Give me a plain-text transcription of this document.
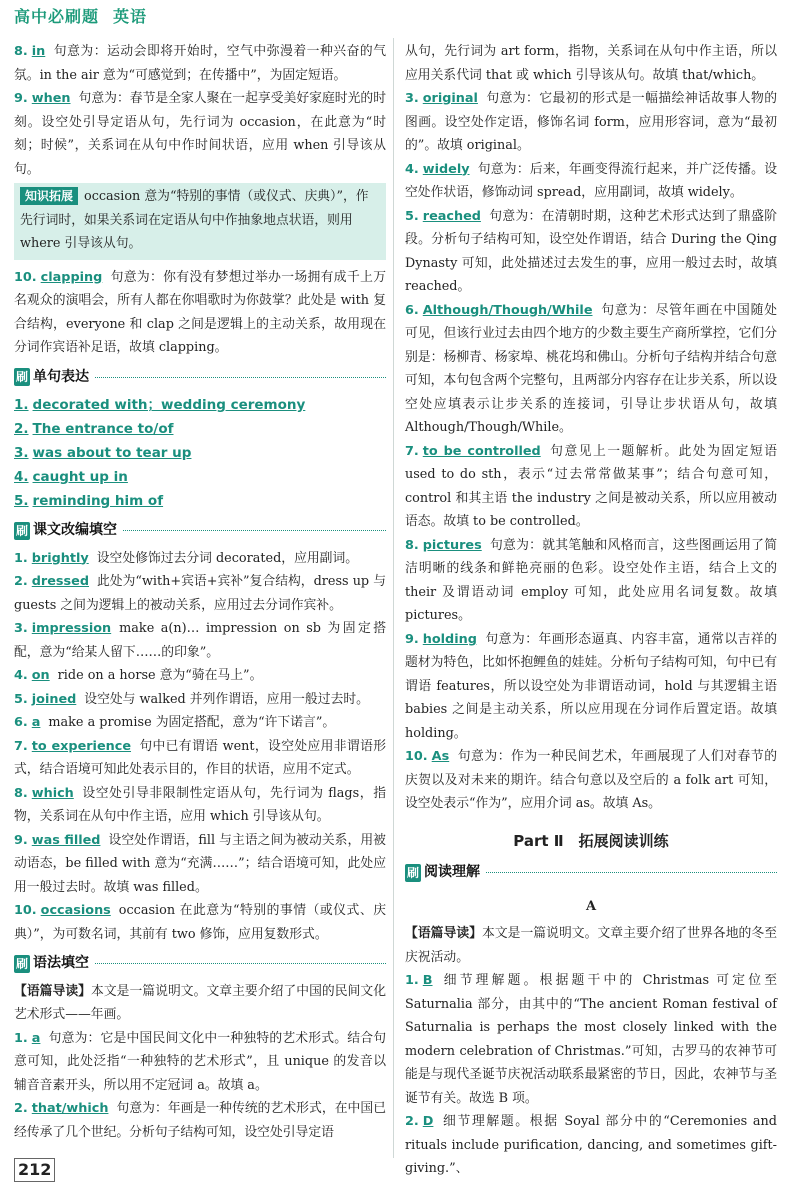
高中必刷题 英语
8. in 句意为：运动会即将开始时，空气中弥漫着一种兴奋的气氛。in the air 意为“可感觉到；在传播中”，为固定短语。
9. when 句意为：春节是全家人聚在一起享受美好家庭时光的时刻。设空处引导定语从句，先行词为 occasion，在此意为“时刻；时候”，关系词在从句中作时间状语，应用 when 引导该从句。
知识拓展 occasion 意为“特别的事情（或仪式、庆典）”，作先行词时，如果关系词在定语从句中作抽象地点状语，则用 where 引导该从句。
10. clapping 句意为：你有没有梦想过举办一场拥有成千上万名观众的演唱会，所有人都在你唱歌时为你鼓掌？此处是 with 复合结构，everyone 和 clap 之间是逻辑上的主动关系，故用现在分词作宾语补足语，故填 clapping。
刷 单句表达
1. decorated with；wedding ceremony
2. The entrance to/of
3. was about to tear up
4. caught up in
5. reminding him of
刷 课文改编填空
1. brightly 设空处修饰过去分词 decorated，应用副词。
2. dressed 此处为“with+宾语+宾补”复合结构，dress up 与 guests 之间为逻辑上的被动关系，应用过去分词作宾补。
3. impression make a(n)… impression on sb 为固定搭配，意为“给某人留下……的印象”。
4. on ride on a horse 意为“骑在马上”。
5. joined 设空处与 walked 并列作谓语，应用一般过去时。
6. a make a promise 为固定搭配，意为“许下诺言”。
7. to experience 句中已有谓语 went，设空处应用非谓语形式，结合语境可知此处表示目的，作目的状语，应用不定式。
8. which 设空处引导非限制性定语从句，先行词为 flags，指物，关系词在从句中作主语，应用 which 引导该从句。
9. was filled 设空处作谓语，fill 与主语之间为被动关系，用被动语态，be filled with 意为“充满……”；结合语境可知，此处应用一般过去时。故填 was filled。
10. occasions occasion 在此意为“特别的事情（或仪式、庆典）”，为可数名词，其前有 two 修饰，应用复数形式。
刷 语法填空
【语篇导读】本文是一篇说明文。文章主要介绍了中国的民间文化艺术形式——年画。
1. a 句意为：它是中国民间文化中一种独特的艺术形式。结合句意可知，此处泛指“一种独特的艺术形式”，且 unique 的发音以辅音音素开头，所以用不定冠词 a。故填 a。
2. that/which 句意为：年画是一种传统的艺术形式，在中国已经传承了几个世纪。分析句子结构可知，设空处引导定语
从句，先行词为 art form，指物，关系词在从句中作主语，所以应用关系代词 that 或 which 引导该从句。故填 that/which。
3. original 句意为：它最初的形式是一幅描绘神话故事人物的图画。设空处作定语，修饰名词 form，应用形容词，意为“最初的”。故填 original。
4. widely 句意为：后来，年画变得流行起来，并广泛传播。设空处作状语，修饰动词 spread，应用副词，故填 widely。
5. reached 句意为：在清朝时期，这种艺术形式达到了鼎盛阶段。分析句子结构可知，设空处作谓语，结合 During the Qing Dynasty 可知，此处描述过去发生的事，应用一般过去时，故填 reached。
6. Although/Though/While 句意为：尽管年画在中国随处可见，但该行业过去由四个地方的少数主要生产商所掌控，它们分别是：杨柳青、杨家埠、桃花坞和佛山。分析句子结构并结合句意可知，本句包含两个完整句，且两部分内容存在让步关系，所以设空处应填表示让步关系的连接词，引导让步状语从句，故填 Although/Though/While。
7. to be controlled 句意见上一题解析。此处为固定短语 used to do sth，表示“过去常常做某事”；结合句意可知，control 和其主语 the industry 之间是被动关系，所以应用被动语态。故填 to be controlled。
8. pictures 句意为：就其笔触和风格而言，这些图画运用了简洁明晰的线条和鲜艳亮丽的色彩。设空处作主语，结合上文的 their 及谓语动词 employ 可知，此处应用名词复数。故填 pictures。
9. holding 句意为：年画形态逼真、内容丰富，通常以吉祥的题材为特色，比如怀抱鲤鱼的娃娃。分析句子结构可知，句中已有谓语 features，所以设空处为非谓语动词，hold 与其逻辑主语 babies 之间是主动关系，所以应用现在分词作后置定语。故填 holding。
10. As 句意为：作为一种民间艺术，年画展现了人们对春节的庆贺以及对未来的期许。结合句意以及空后的 a folk art 可知，设空处表示“作为”，应用介词 as。故填 As。
Part Ⅱ　拓展阅读训练
刷 阅读理解
A
【语篇导读】本文是一篇说明文。文章主要介绍了世界各地的冬至庆祝活动。
1. B 细节理解题。根据题干中的 Christmas 可定位至 Saturnalia 部分，由其中的“The ancient Roman festival of Saturnalia is perhaps the most closely linked with the modern celebration of Christmas.”可知，古罗马的农神节可能是与现代圣诞节庆祝活动联系最紧密的节日，因此，农神节与圣诞节有关。故选 B 项。
2. D 细节理解题。根据 Soyal 部分中的“Ceremonies and rituals include purification, dancing, and sometimes gift-giving.”、
212
